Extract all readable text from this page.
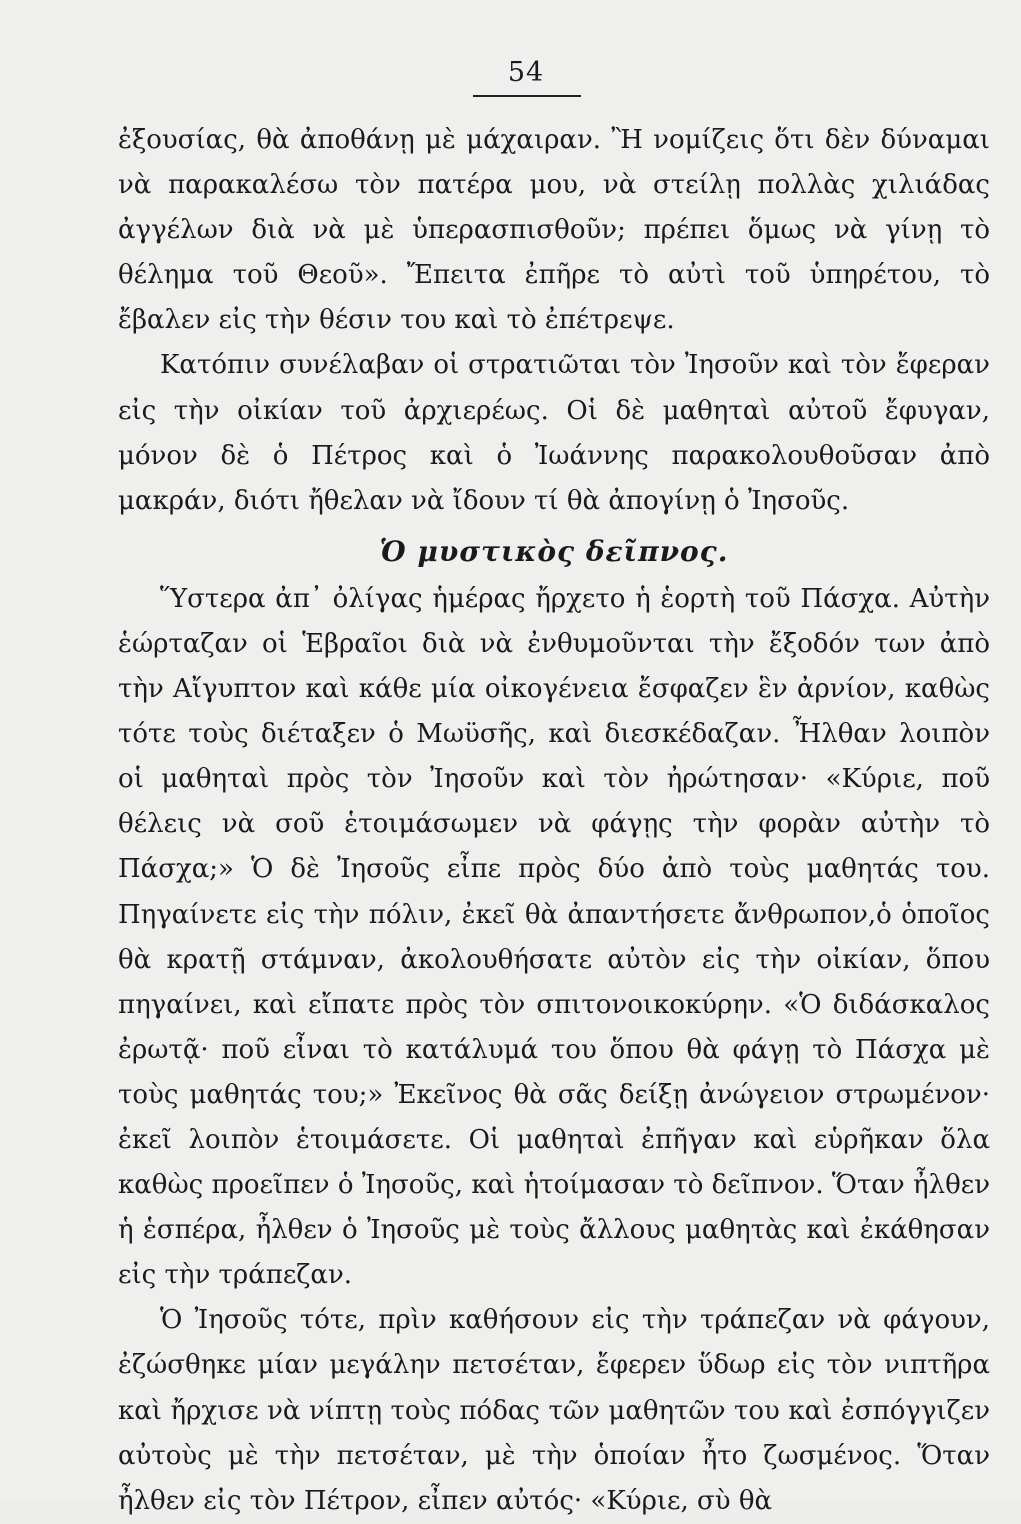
54

ἐξουσίας, θὰ ἀποθάνῃ μὲ μάχαιραν. Ἢ νομίζεις ὅτι δὲν δύναμαι νὰ παρακαλέσω τὸν πατέρα μου, νὰ στείλῃ πολλὰς χιλιάδας ἀγγέλων διὰ νὰ μὲ ὑπερασπισθοῦν; πρέπει ὅμως νὰ γίνῃ τὸ θέλημα τοῦ Θεοῦ». Ἔπειτα ἐπῆρε τὸ αὐτὶ τοῦ ὑπηρέτου, τὸ ἔβαλεν εἰς τὴν θέσιν του καὶ τὸ ἐπέτρεψε.

Κατόπιν συνέλαβαν οἱ στρατιῶται τὸν Ἰησοῦν καὶ τὸν ἔφεραν εἰς τὴν οἰκίαν τοῦ ἀρχιερέως. Οἱ δὲ μαθηταὶ αὐτοῦ ἔφυγαν, μόνον δὲ ὁ Πέτρος καὶ ὁ Ἰωάννης παρακολουθοῦσαν ἀπὸ μακράν, διότι ἤθελαν νὰ ἴδουν τί θὰ ἀπογίνῃ ὁ Ἰησοῦς.

Ὁ μυστικὸς δεῖπνος.

Ὕστερα ἀπ᾽ ὀλίγας ἡμέρας ἤρχετο ἡ ἑορτὴ τοῦ Πάσχα. Αὐτὴν ἑώρταζαν οἱ Ἑβραῖοι διὰ νὰ ἐνθυμοῦνται τὴν ἔξοδόν των ἀπὸ τὴν Αἴγυπτον καὶ κάθε μία οἰκογένεια ἔσφαζεν ἓν ἀρνίον, καθὼς τότε τοὺς διέταξεν ὁ Μωϋσῆς, καὶ διεσκέδαζαν. Ἦλθαν λοιπὸν οἱ μαθηταὶ πρὸς τὸν Ἰησοῦν καὶ τὸν ἠρώτησαν· «Κύριε, ποῦ θέλεις νὰ σοῦ ἑτοιμάσωμεν νὰ φάγῃς τὴν φορὰν αὐτὴν τὸ Πάσχα;» Ὁ δὲ Ἰησοῦς εἶπε πρὸς δύο ἀπὸ τοὺς μαθητάς του. Πηγαίνετε εἰς τὴν πόλιν, ἐκεῖ θὰ ἀπαντήσετε ἄνθρωπον,ὁ ὁποῖος θὰ κρατῇ στάμναν, ἀκολουθήσατε αὐτὸν εἰς τὴν οἰκίαν, ὅπου πηγαίνει, καὶ εἴπατε πρὸς τὸν σπιτονοικοκύρην. «Ὁ διδάσκαλος ἐρωτᾷ· ποῦ εἶναι τὸ κατάλυμά του ὅπου θὰ φάγῃ τὸ Πάσχα μὲ τοὺς μαθητάς του;» Ἐκεῖνος θὰ σᾶς δείξῃ ἀνώγειον στρωμένον· ἐκεῖ λοιπὸν ἑτοιμάσετε. Οἱ μαθηταὶ ἐπῆγαν καὶ εὑρῆκαν ὅλα καθὼς προεῖπεν ὁ Ἰησοῦς, καὶ ἡτοίμασαν τὸ δεῖπνον. Ὅταν ἦλθεν ἡ ἑσπέρα, ἦλθεν ὁ Ἰησοῦς μὲ τοὺς ἄλλους μαθητὰς καὶ ἐκάθησαν εἰς τὴν τράπεζαν.

Ὁ Ἰησοῦς τότε, πρὶν καθήσουν εἰς τὴν τράπεζαν νὰ φάγουν, ἐζώσθηκε μίαν μεγάλην πετσέταν, ἔφερεν ὕδωρ εἰς τὸν νιπτῆρα καὶ ἤρχισε νὰ νίπτῃ τοὺς πόδας τῶν μαθητῶν του καὶ ἐσπόγγιζεν αὐτοὺς μὲ τὴν πετσέταν, μὲ τὴν ὁποίαν ἦτο ζωσμένος. Ὅταν ἦλθεν εἰς τὸν Πέτρον, εἶπεν αὐτός· «Κύριε, σὺ θὰ
